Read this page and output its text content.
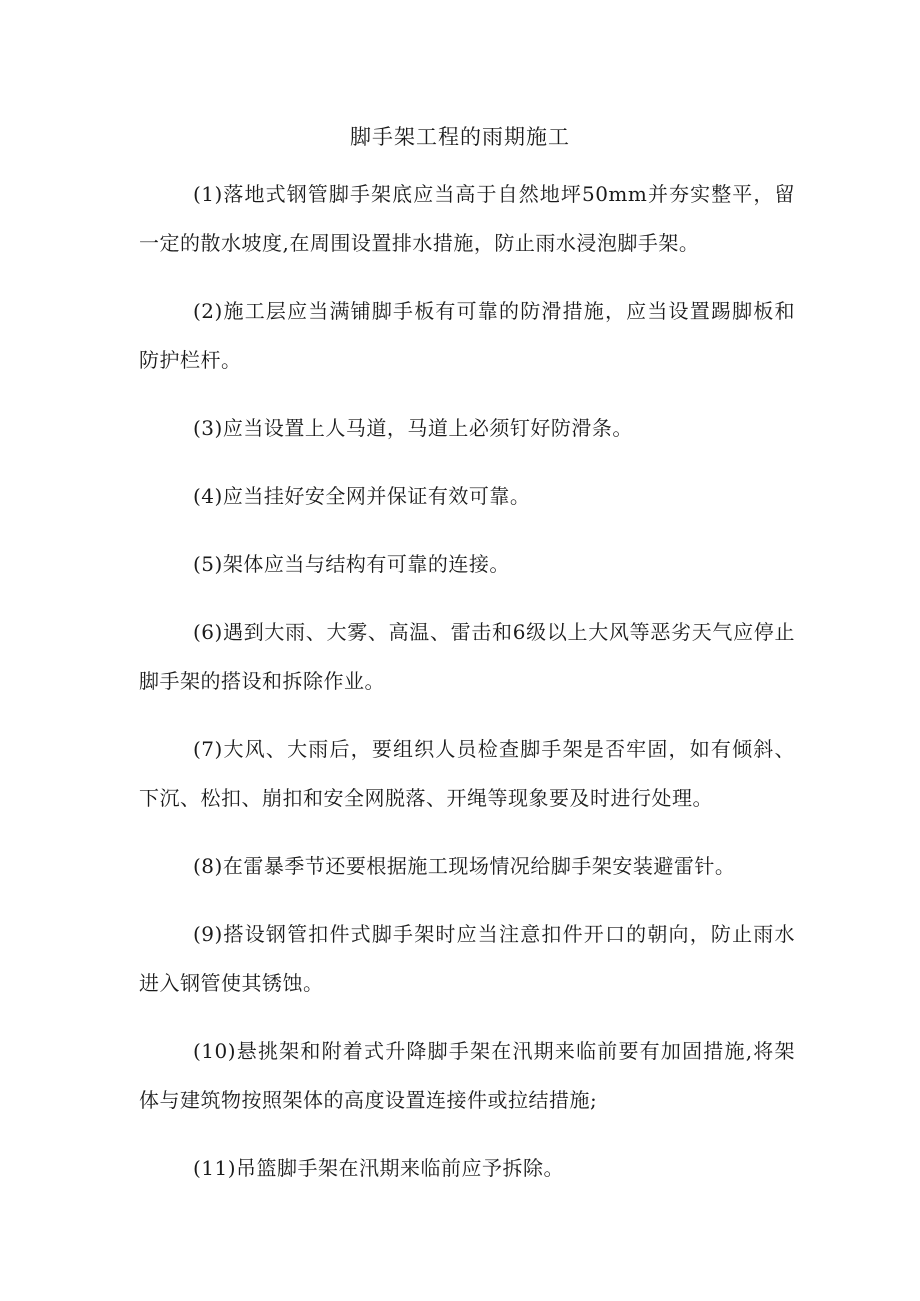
脚手架工程的雨期施工

(1)落地式钢管脚手架底应当高于自然地坪50mm并夯实整平，留一定的散水坡度,在周围设置排水措施，防止雨水浸泡脚手架。

(2)施工层应当满铺脚手板有可靠的防滑措施，应当设置踢脚板和防护栏杆。

(3)应当设置上人马道，马道上必须钉好防滑条。

(4)应当挂好安全网并保证有效可靠。

(5)架体应当与结构有可靠的连接。

(6)遇到大雨、大雾、高温、雷击和6级以上大风等恶劣天气应停止脚手架的搭设和拆除作业。

(7)大风、大雨后，要组织人员检查脚手架是否牢固，如有倾斜、下沉、松扣、崩扣和安全网脱落、开绳等现象要及时进行处理。

(8)在雷暴季节还要根据施工现场情况给脚手架安装避雷针。

(9)搭设钢管扣件式脚手架时应当注意扣件开口的朝向，防止雨水进入钢管使其锈蚀。

(10)悬挑架和附着式升降脚手架在汛期来临前要有加固措施,将架体与建筑物按照架体的高度设置连接件或拉结措施;

(11)吊篮脚手架在汛期来临前应予拆除。
